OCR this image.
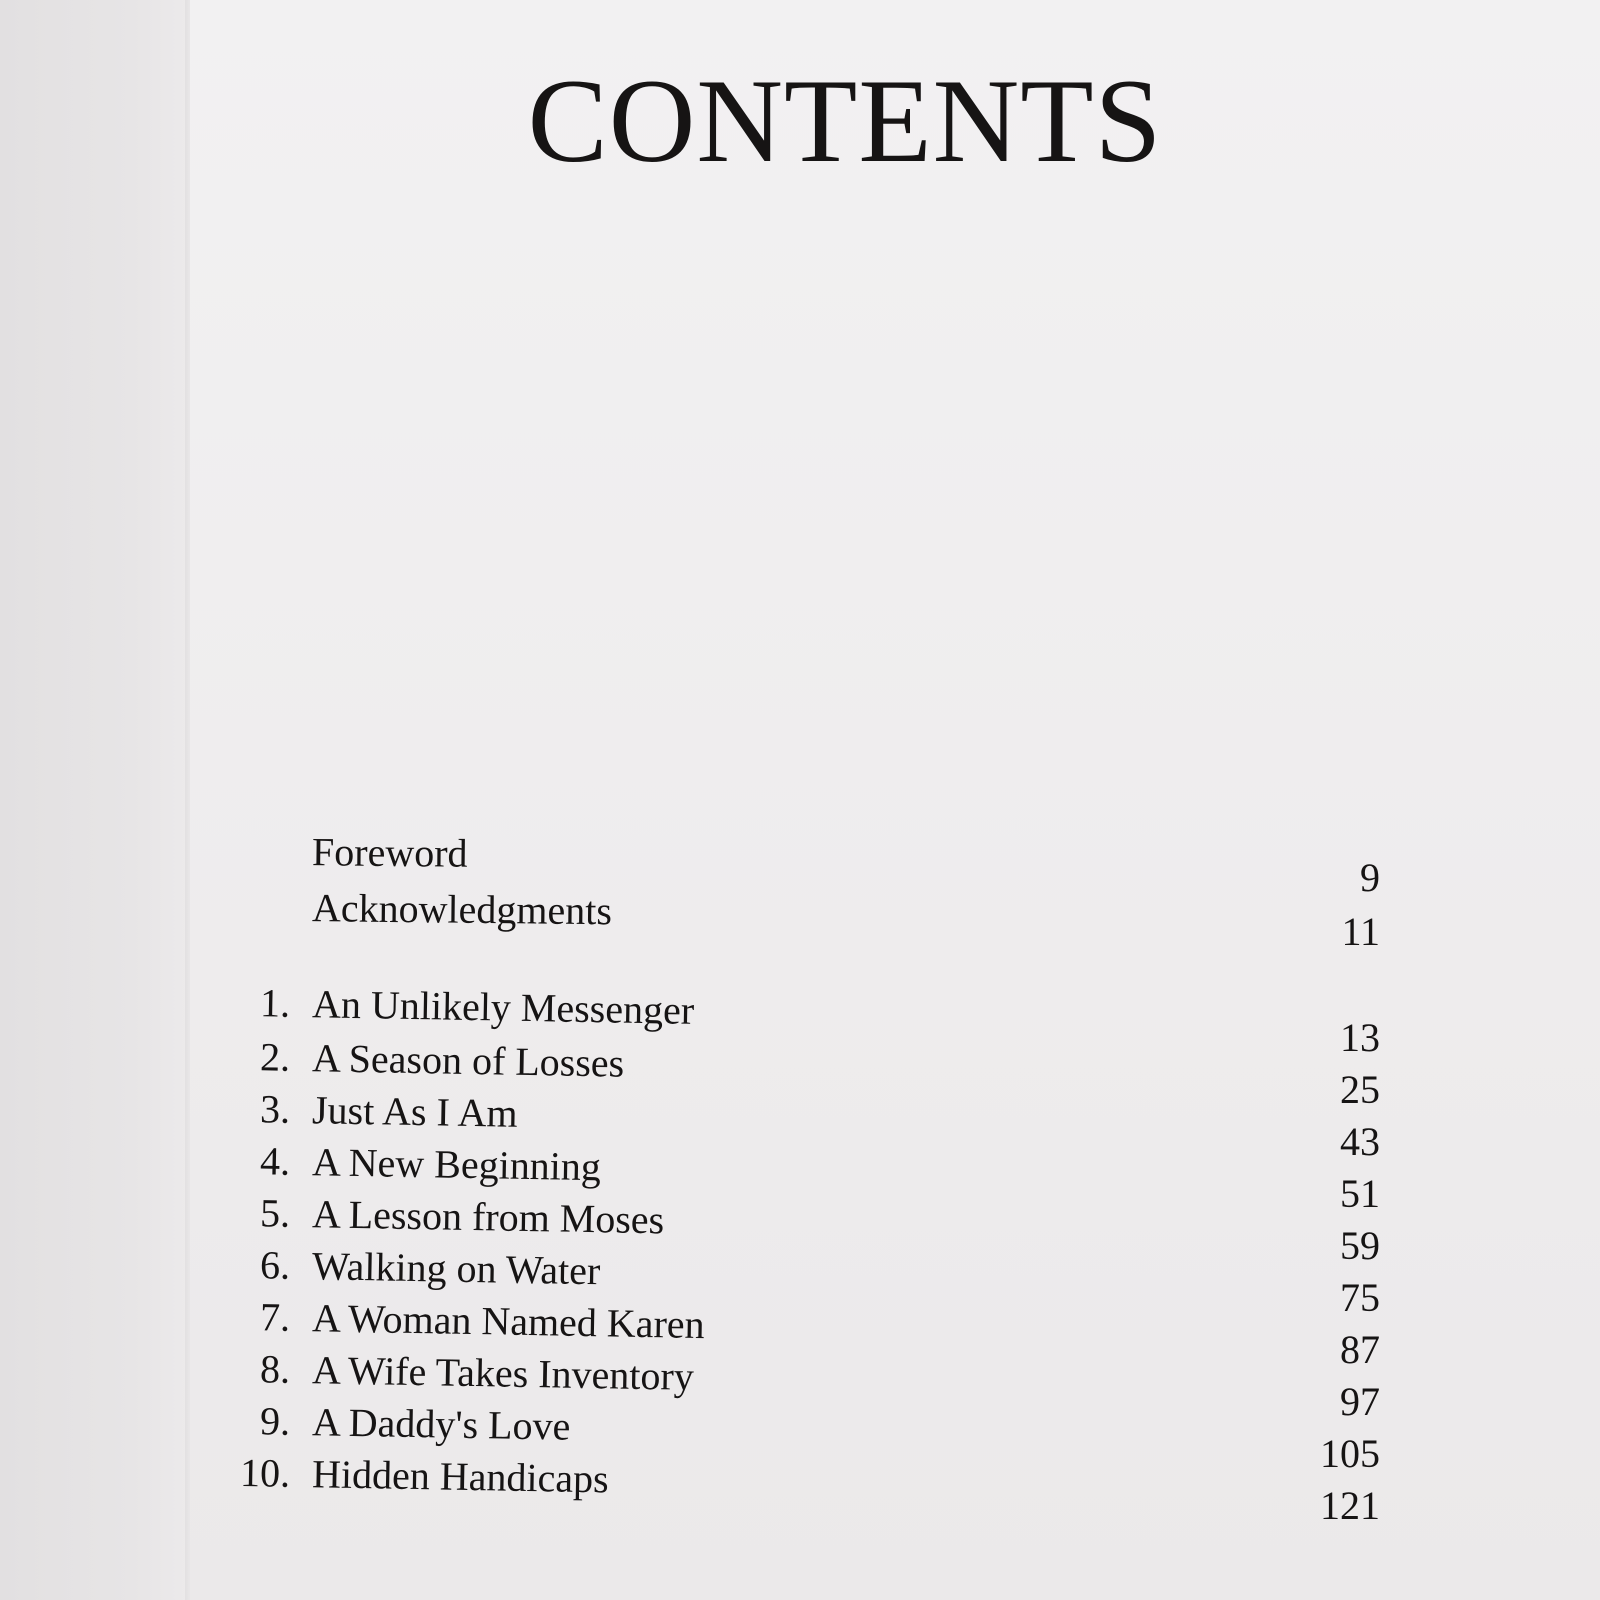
CONTENTS
Foreword
9
Acknowledgments	11
1. An Unlikely Messenger
13
2. A Season of Losses
25
3. Just As I Am
43
4. A New Beginning
51
5. A Lesson from Moses
59
6. Walking on Water
75
7. A Woman Named Karen
87
8. A Wife Takes Inventory
97
9. A Daddy's Love
105
10. Hidden Handicaps
121
